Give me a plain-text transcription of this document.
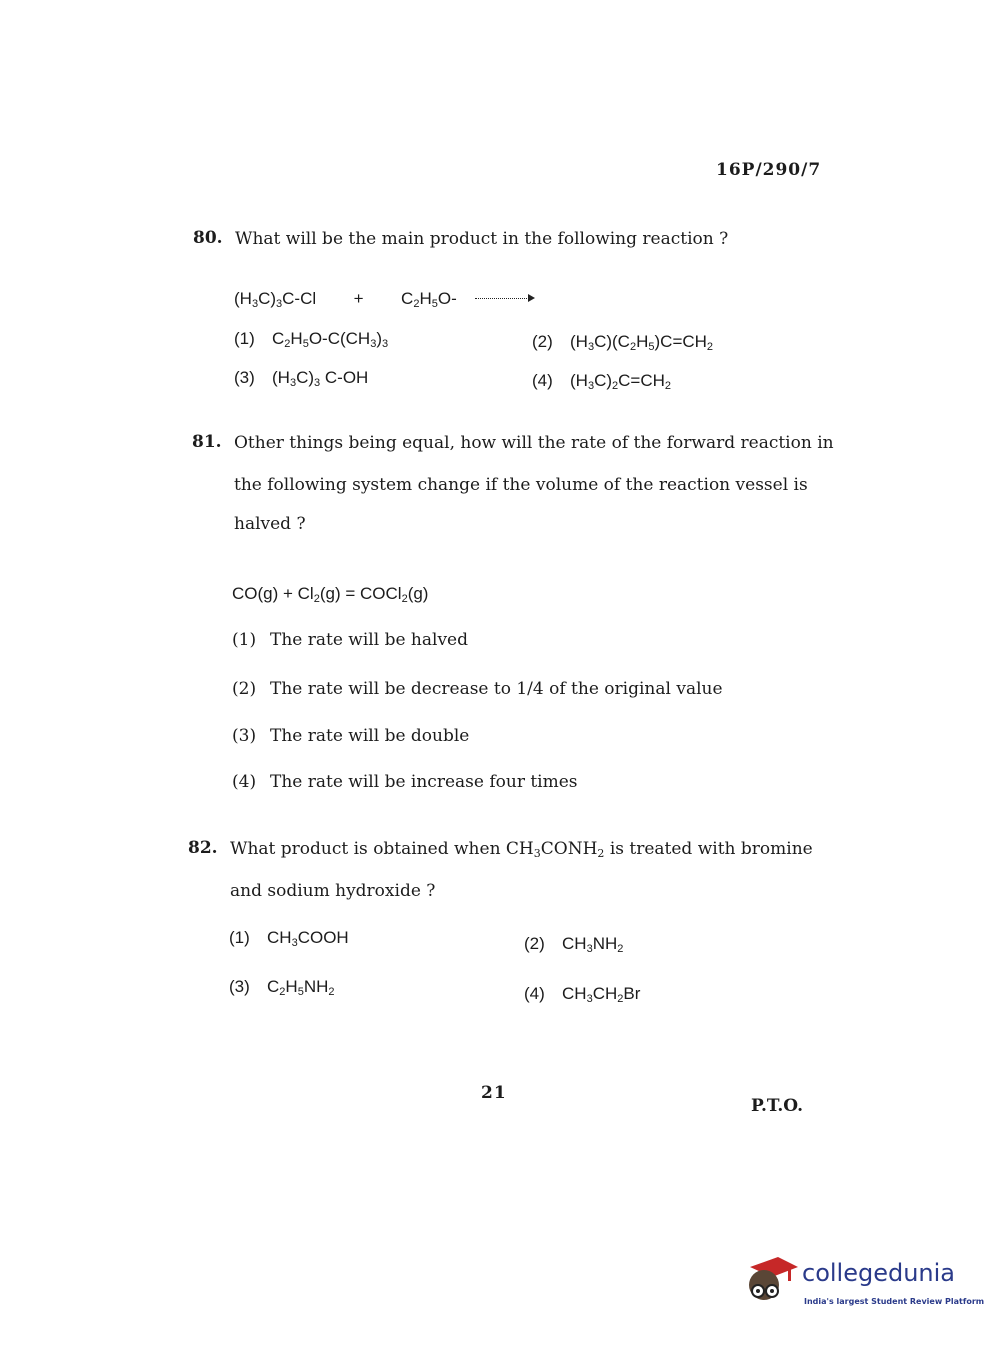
16P/290/7
80. What will be the main product in the following reaction ?
$(H_3C)_3C-Cl + C_2H_5O-$
(1) $C_2H_5O-C(CH_3)_3$	(2) $(H_3C)(C_2H_5)C=CH_2$
(3) $(H_3C)_3$ C-OH	(4) $(H_3C)_2C=CH_2$
81. Other things being equal, how will the rate of the forward reaction in
the following system change if the volume of the reaction vessel is
halved ?
$CO(g) + Cl_2(g)$ = COCl$_2$(g)
(1) The rate will be halved
(2) The rate will be decrease to 1/4 of the original value
(3) The rate will be double
(4) The rate will be increase four times
82. What product is obtained when $CH_3CONH_2$ is treated with bromine
and sodium hydroxide ?
(1) $CH_3COOH$	(2) $CH_3NH_2$
(3) $C_2H_5NH_2$	(4) $CH_3CH_2Br$
21
P.T.O.
collegedunia
India's largest Student Review Platform
